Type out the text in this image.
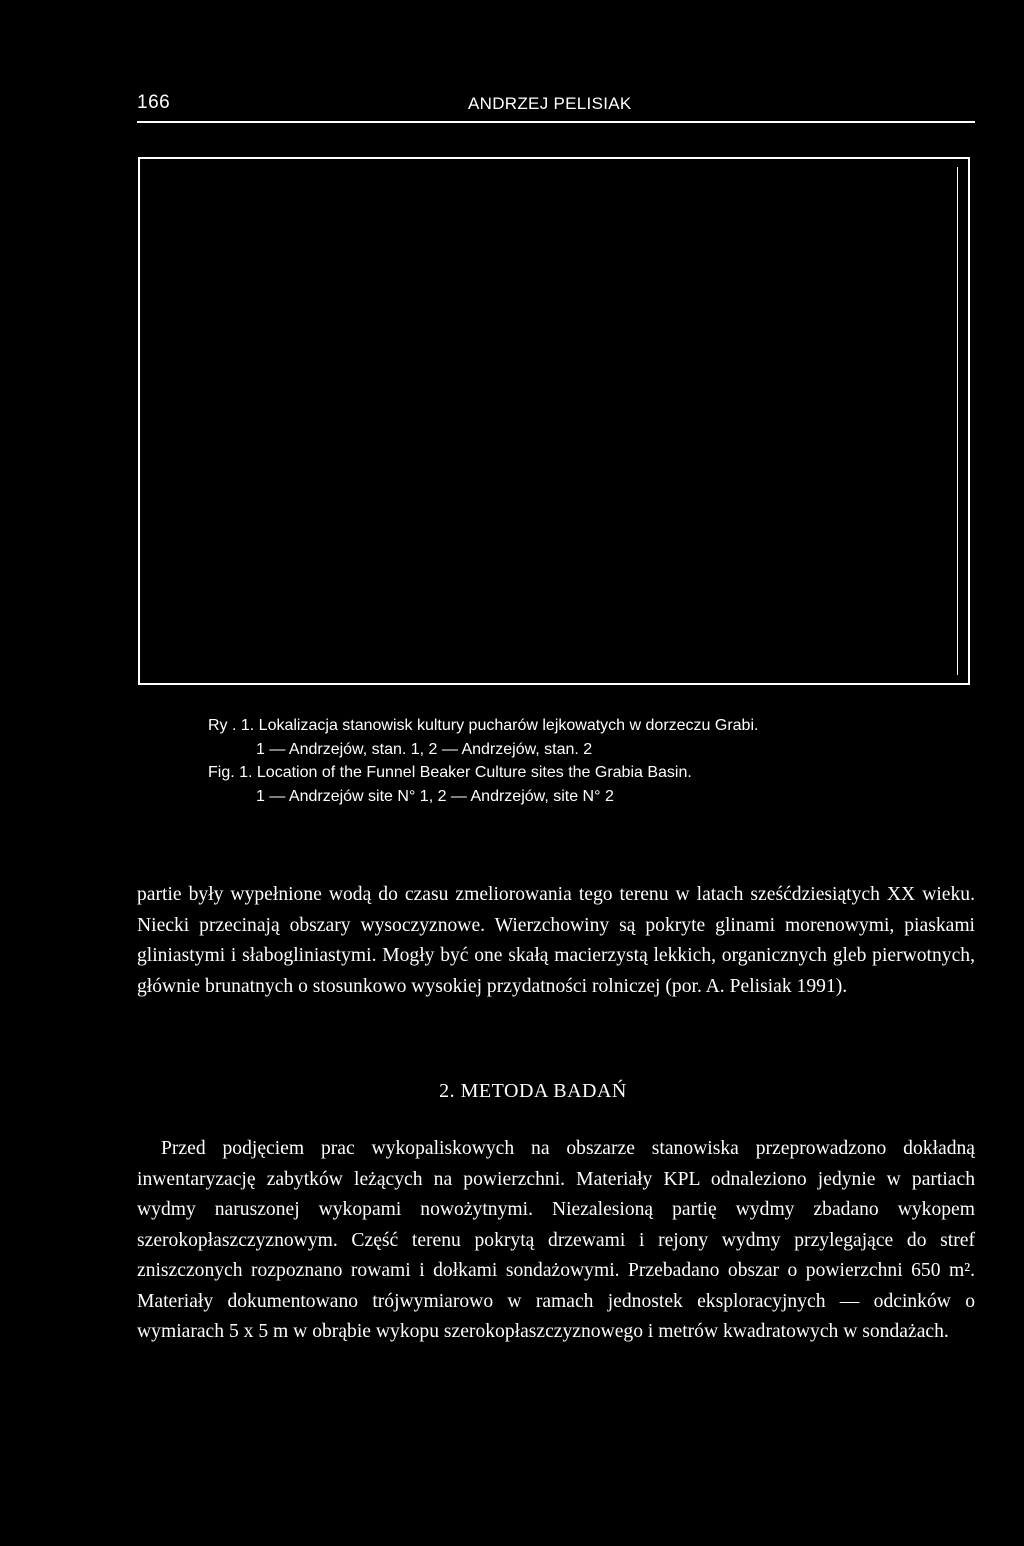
166	ANDRZEJ PELISIAK
Ry . 1. Lokalizacja stanowisk kultury pucharów lejkowatych w dorzeczu Grabi.
1 — Andrzejów, stan. 1, 2 — Andrzejów, stan. 2
Fig. 1. Location of the Funnel Beaker Culture sites the Grabia Basin.
1 — Andrzejów site N° 1, 2 — Andrzejów, site N° 2

partie były wypełnione wodą do czasu zmeliorowania tego terenu w latach sześćdziesiątych XX wieku. Niecki przecinają obszary wysoczyznowe. Wierzchowiny są pokryte glinami morenowymi, piaskami gliniastymi i słabogliniastymi. Mogły być one skałą macierzystą lekkich, organicznych gleb pierwotnych, głównie brunatnych o stosunkowo wysokiej przydatności rolniczej (por. A. Pelisiak 1991).

2. METODA BADAŃ

Przed podjęciem prac wykopaliskowych na obszarze stanowiska przeprowadzono dokładną inwentaryzację zabytków leżących na powierzchni. Materiały KPL odnaleziono jedynie w partiach wydmy naruszonej wykopami nowożytnymi. Niezalesioną partię wydmy zbadano wykopem szerokopłaszczyznowym. Część terenu pokrytą drzewami i rejony wydmy przylegające do stref zniszczonych rozpoznano rowami i dołkami sondażowymi. Przebadano obszar o powierzchni 650 m². Materiały dokumentowano trójwymiarowo w ramach jednostek eksploracyjnych — odcinków o wymiarach 5 x 5 m w obrąbie wykopu szerokopłaszczyznowego i metrów kwadratowych w sondażach.
